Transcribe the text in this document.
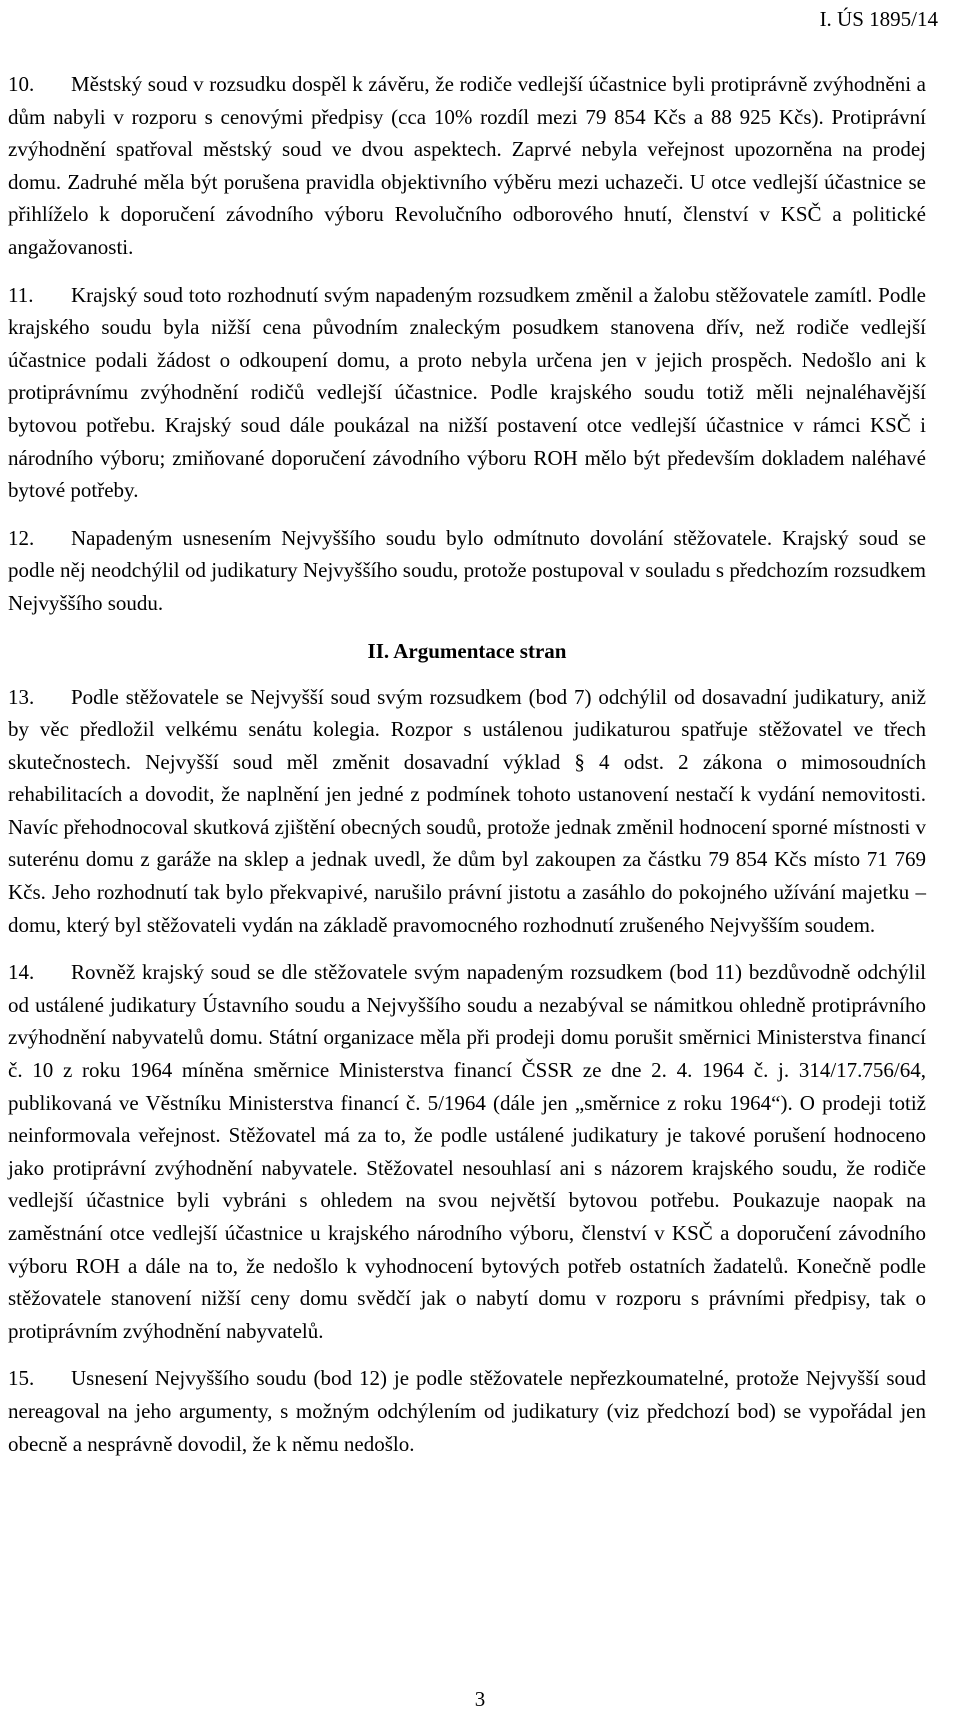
I. ÚS 1895/14

10. Městský soud v rozsudku dospěl k závěru, že rodiče vedlejší účastnice byli protiprávně zvýhodněni a dům nabyli v rozporu s cenovými předpisy (cca 10% rozdíl mezi 79 854 Kčs a 88 925 Kčs). Protiprávní zvýhodnění spatřoval městský soud ve dvou aspektech. Zaprvé nebyla veřejnost upozorněna na prodej domu. Zadruhé měla být porušena pravidla objektivního výběru mezi uchazeči. U otce vedlejší účastnice se přihlíželo k doporučení závodního výboru Revolučního odborového hnutí, členství v KSČ a politické angažovanosti.

11. Krajský soud toto rozhodnutí svým napadeným rozsudkem změnil a žalobu stěžovatele zamítl. Podle krajského soudu byla nižší cena původním znaleckým posudkem stanovena dřív, než rodiče vedlejší účastnice podali žádost o odkoupení domu, a proto nebyla určena jen v jejich prospěch. Nedošlo ani k protiprávnímu zvýhodnění rodičů vedlejší účastnice. Podle krajského soudu totiž měli nejnaléhavější bytovou potřebu. Krajský soud dále poukázal na nižší postavení otce vedlejší účastnice v rámci KSČ i národního výboru; zmiňované doporučení závodního výboru ROH mělo být především dokladem naléhavé bytové potřeby.

12. Napadeným usnesením Nejvyššího soudu bylo odmítnuto dovolání stěžovatele. Krajský soud se podle něj neodchýlil od judikatury Nejvyššího soudu, protože postupoval v souladu s předchozím rozsudkem Nejvyššího soudu.

II. Argumentace stran

13. Podle stěžovatele se Nejvyšší soud svým rozsudkem (bod 7) odchýlil od dosavadní judikatury, aniž by věc předložil velkému senátu kolegia. Rozpor s ustálenou judikaturou spatřuje stěžovatel ve třech skutečnostech. Nejvyšší soud měl změnit dosavadní výklad § 4 odst. 2 zákona o mimosoudních rehabilitacích a dovodit, že naplnění jen jedné z podmínek tohoto ustanovení nestačí k vydání nemovitosti. Navíc přehodnocoval skutková zjištění obecných soudů, protože jednak změnil hodnocení sporné místnosti v suterénu domu z garáže na sklep a jednak uvedl, že dům byl zakoupen za částku 79 854 Kčs místo 71 769 Kčs. Jeho rozhodnutí tak bylo překvapivé, narušilo právní jistotu a zasáhlo do pokojného užívání majetku – domu, který byl stěžovateli vydán na základě pravomocného rozhodnutí zrušeného Nejvyšším soudem.

14. Rovněž krajský soud se dle stěžovatele svým napadeným rozsudkem (bod 11) bezdůvodně odchýlil od ustálené judikatury Ústavního soudu a Nejvyššího soudu a nezabýval se námitkou ohledně protiprávního zvýhodnění nabyvatelů domu. Státní organizace měla při prodeji domu porušit směrnici Ministerstva financí č. 10 z roku 1964 míněna směrnice Ministerstva financí ČSSR ze dne 2. 4. 1964 č. j. 314/17.756/64, publikovaná ve Věstníku Ministerstva financí č. 5/1964 (dále jen „směrnice z roku 1964“). O prodeji totiž neinformovala veřejnost. Stěžovatel má za to, že podle ustálené judikatury je takové porušení hodnoceno jako protiprávní zvýhodnění nabyvatele. Stěžovatel nesouhlasí ani s názorem krajského soudu, že rodiče vedlejší účastnice byli vybráni s ohledem na svou největší bytovou potřebu. Poukazuje naopak na zaměstnání otce vedlejší účastnice u krajského národního výboru, členství v KSČ a doporučení závodního výboru ROH a dále na to, že nedošlo k vyhodnocení bytových potřeb ostatních žadatelů. Konečně podle stěžovatele stanovení nižší ceny domu svědčí jak o nabytí domu v rozporu s právními předpisy, tak o protiprávním zvýhodnění nabyvatelů.

15. Usnesení Nejvyššího soudu (bod 12) je podle stěžovatele nepřezkoumatelné, protože Nejvyšší soud nereagoval na jeho argumenty, s možným odchýlením od judikatury (viz předchozí bod) se vypořádal jen obecně a nesprávně dovodil, že k němu nedošlo.

3
